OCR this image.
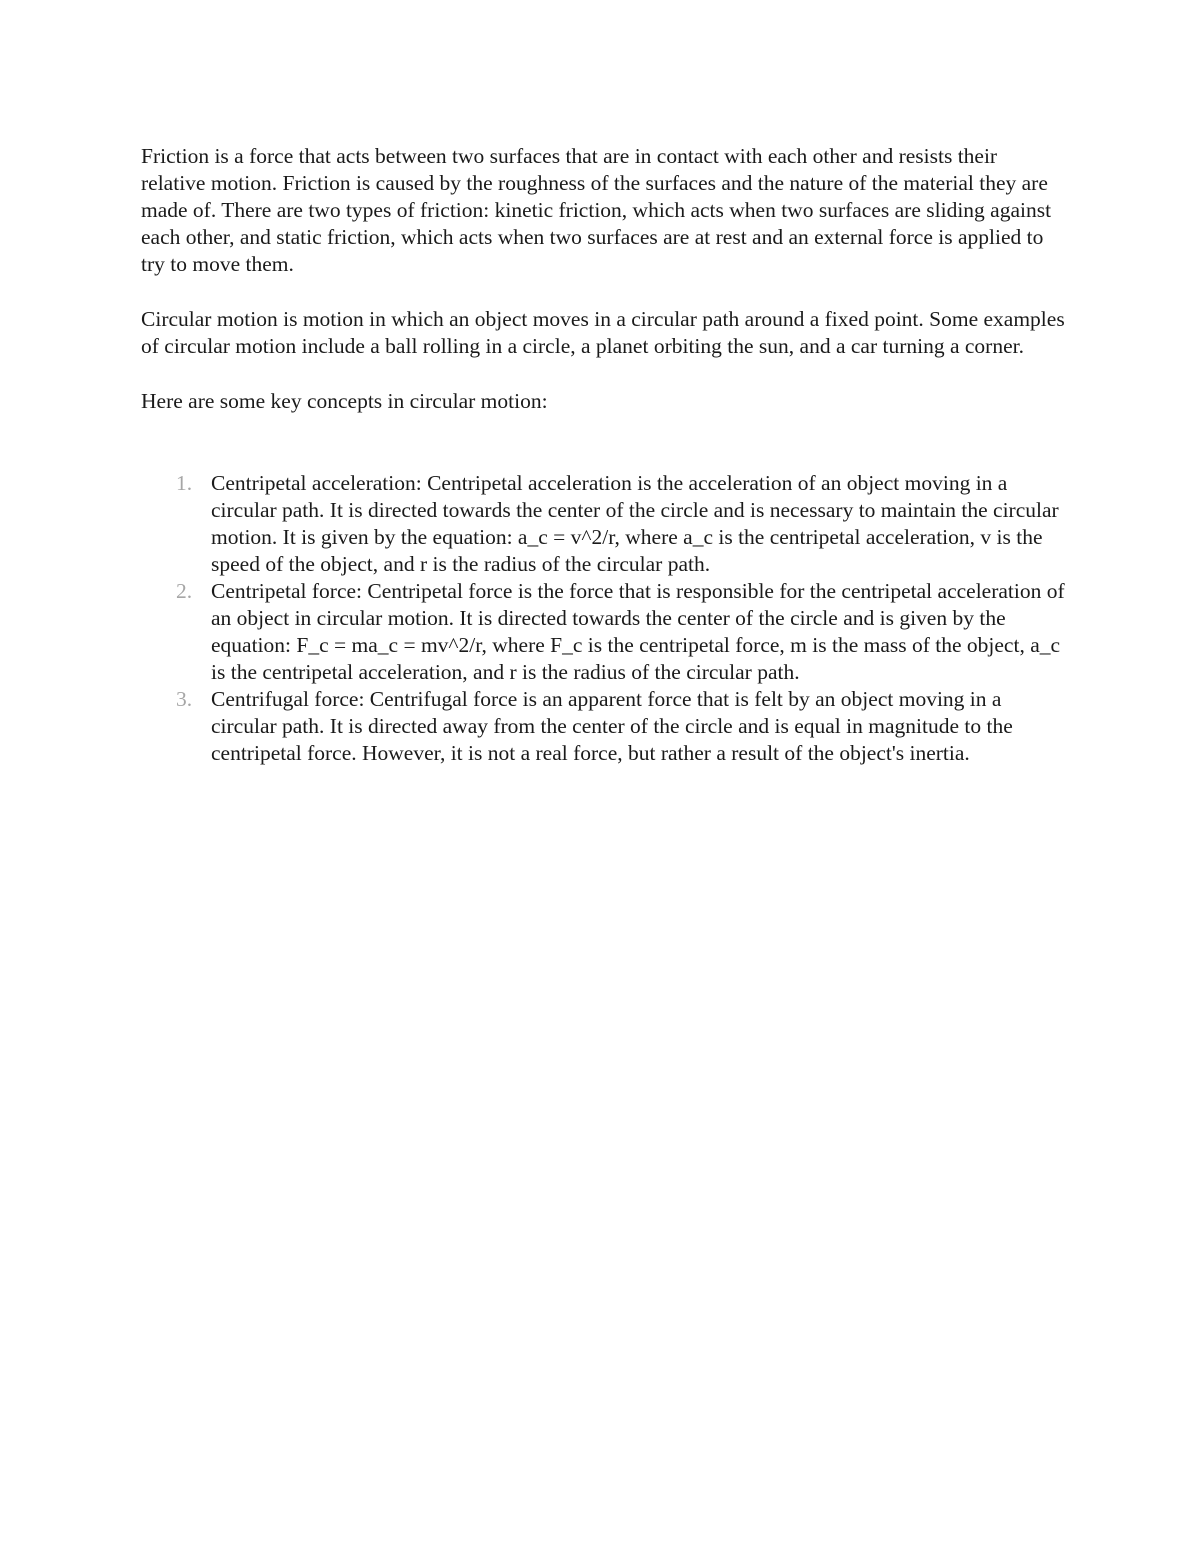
Friction is a force that acts between two surfaces that are in contact with each other and resists their relative motion. Friction is caused by the roughness of the surfaces and the nature of the material they are made of. There are two types of friction: kinetic friction, which acts when two surfaces are sliding against each other, and static friction, which acts when two surfaces are at rest and an external force is applied to try to move them.

Circular motion is motion in which an object moves in a circular path around a fixed point. Some examples of circular motion include a ball rolling in a circle, a planet orbiting the sun, and a car turning a corner.

Here are some key concepts in circular motion:

1. Centripetal acceleration: Centripetal acceleration is the acceleration of an object moving in a circular path. It is directed towards the center of the circle and is necessary to maintain the circular motion. It is given by the equation: a_c = v^2/r, where a_c is the centripetal acceleration, v is the speed of the object, and r is the radius of the circular path.
2. Centripetal force: Centripetal force is the force that is responsible for the centripetal acceleration of an object in circular motion. It is directed towards the center of the circle and is given by the equation: F_c = ma_c = mv^2/r, where F_c is the centripetal force, m is the mass of the object, a_c is the centripetal acceleration, and r is the radius of the circular path.
3. Centrifugal force: Centrifugal force is an apparent force that is felt by an object moving in a circular path. It is directed away from the center of the circle and is equal in magnitude to the centripetal force. However, it is not a real force, but rather a result of the object's inertia.
